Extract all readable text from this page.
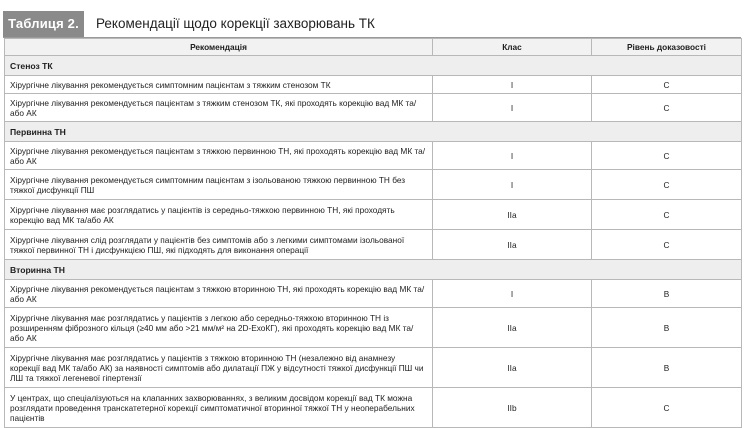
Таблиця 2.	Рекомендації щодо корекції захворювань ТК
Рекомендація	Клас	Рівень доказовості
Стеноз ТК		
Хірургічне лікування рекомендується симптомним пацієнтам з тяжким стенозом ТК	I	C
Хірургічне лікування рекомендується пацієнтам з тяжким стенозом ТК, які проходять корекцію вад МК та/або АК	I	C
Первинна ТН		
Хірургічне лікування рекомендується пацієнтам з тяжкою первинною ТН, які проходять корекцію вад МК та/або АК	I	C
Хірургічне лікування рекомендується симптомним пацієнтам з ізольованою тяжкою первинною ТН без тяжкої дисфункції ПШ	I	C
Хірургічне лікування має розглядатись у пацієнтів із середньо-тяжкою первинною ТН, які проходять корекцію вад МК та/або АК	IIa	C
Хірургічне лікування слід розглядати у пацієнтів без симптомів або з легкими симптомами ізольованої тяжкої первинної ТН і дисфункцією ПШ, які підходять для виконання операції	IIa	C
Вторинна ТН		
Хірургічне лікування рекомендується пацієнтам з тяжкою вторинною ТН, які проходять корекцію вад МК та/або АК	I	B
Хірургічне лікування має розглядатись у пацієнтів з легкою або середньо-тяжкою вторинною ТН із розширенням фіброзного кільця (≥40 мм або >21 мм/м² на 2D-ЕхоКГ), які проходять корекцію вад МК та/або АК	IIa	B
Хірургічне лікування має розглядатись у пацієнтів з тяжкою вторинною ТН (незалежно від анамнезу корекції вад МК та/або АК) за наявності симптомів або дилатації ПЖ у відсутності тяжкої дисфункції ПШ чи ЛШ та тяжкої легеневої гіпертензії	IIa	B
У центрах, що спеціалізуються на клапанних захворюваннях, з великим досвідом корекції вад ТК можна розглядати проведення транскатетерної корекції симптоматичної вторинної тяжкої ТН у неоперабельних пацієнтів	IIb	C
